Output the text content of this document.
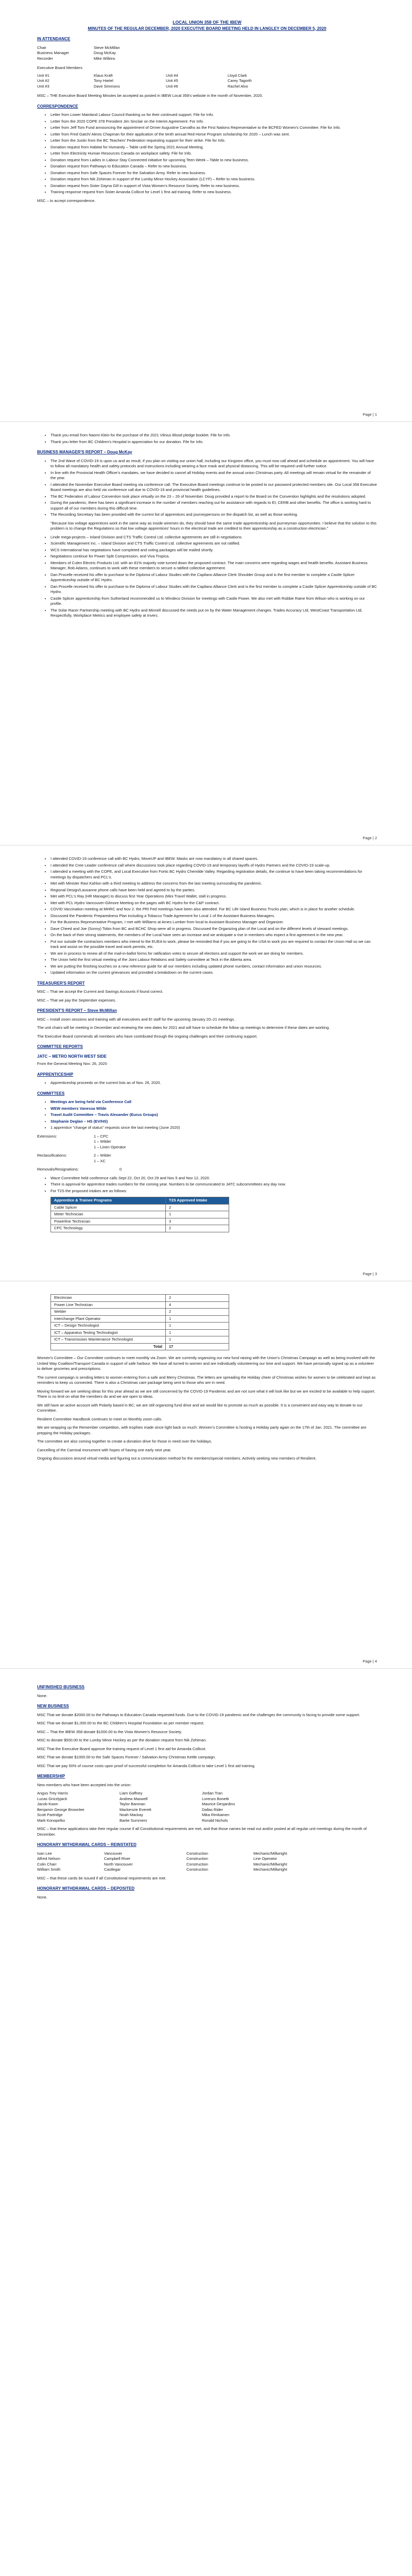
LOCAL UNION 358 OF THE IBEW
MINUTES OF THE REGULAR DECEMBER, 2020 EXECUTIVE BOARD MEETING HELD IN LANGLEY ON DECEMBER 5, 2020
IN ATTENDANCE
Chair	Steve McMillan
Business Manager	Doug McKay
Recorder	Mike Wilkins
Executive Board Members
Unit #1	Klaus Kraft	Unit #4	Lloyd Clark
Unit #2	Tony Hartel	Unit #5	Carey Tagorth
Unit #3	Dave Simmons	Unit #6	Rachel Alvo

MSC – THE Executive Board Meeting Minutes be accepted as posted in IBEW Local 358's website in the month of November, 2020.

CORRESPONDENCE
• Letter from Lower Mainland Labour Council thanking us for their continued support. File for Info.
• Letter from the 2020 COPE 378 President Jim Sinclair on the Interim Agreement. For Info.
• Letter from Jeff Tom Fund announcing the appointment of Ormer Augustine Carvalho as the First Nations Representative to the BCFED Women's Committee. File for Info.
• Letter from Fred Gatch/ Alexis Chapman for their application of the tenth annual Red Horse Program scholarship for 2020 – Lunch was sent.
• Letter from the Justin from the BC Teachers' Federation requesting support for their strike. File for Info.
• Donation request from Habitat for Humanity – Table until the Spring 2021 Annual Meeting.
• Letter from Electricity Human Resources Canada on workplace safety. File for Info.
• Donation request from Ladies in Labour Stay Connected initiative for upcoming Teen Week – Table to new business.
• Donation request from Pathways to Education Canada – Refer to new business.
• Donation request from Safe Spaces Forever for the Salvation Army. Refer to new business.
• Donation request from Nik Zohiman in support of the Lumby Minor Hockey Association (LCYF) – Refer to new business.
• Donation request from Sister Dayna Gill in support of Vista Women's Resource Society. Refer to new business.
• Training response request from Sister Amanda Collicot for Level 1 first aid training. Refer to new business.

MSC – to accept correspondence.

Page | 1
• Thank you email from Naomi Klein for the purchase of the 2021 Vilnius Blood pledge booklet. File for info.
• Thank you letter from BC Children's Hospital in appreciation for our donation. File for Info.
BUSINESS MANAGER'S REPORT – Doug McKay
• The 2nd Wave of COVID-19 is upon us and as result, if you plan on visiting our union hall, including our Kingston office, you must now call ahead and schedule an appointment. You will have to follow all mandatory health and safety protocols and instructions including wearing a face mask and physical distancing. This will be required until further notice.
• In line with the Provincial Health Officer's mandates, we have decided to cancel all Holiday events and the annual union Christmas party. All meetings will remain virtual for the remainder of the year.
• I attended the November Executive Board meeting via conference call. The Executive Board meetings continue to be posted to our password protected members site. Our Local 358 Executive Board meetings are also held via conference call due to COVID-19 and provincial health guidelines.
• The BC Federation of Labour Convention took place virtually on the 23 – 26 of November. Doug provided a report to the Board on the Convention highlights and the resolutions adopted.
• During the pandemic, there has been a significant increase in the number of members reaching out for assistance with regards to EI, CERB and other benefits. The office is working hard to support all of our members during this difficult time.
• The Recording Secretary has been provided with the current list of apprentices and journeypersons on the dispatch list, as well as those working.

"Because low voltage apprentices work in the same way as inside wiremen do, they should have the same trade apprenticeship and journeyman opportunities. I believe that the solution to this problem is to change the Regulations so that low voltage apprentices' hours in the electrical trade are credited to their apprenticeship as a construction electrician."

• Linde mega-projects – Inland Division and CTS Traffic Control Ltd. collective agreements are still in negotiations.
• Scientific Management Inc. – Island Division and CTS Traffic Control Ltd. collective agreements are not ratified.
• WCS International has negotiations have completed and voting packages will be mailed shortly.
• Negotiations continue for Power Split Compression, and Viva Tropica.
• Members of Culen Electric Products Ltd. with an 81% majority vote turned down the proposed contract. The main concerns were regarding wages and health benefits. Assistant Business Manager, Rob Adams, continues to work with these members to secure a ratified collective agreement.
• Dan Procelle received his offer to purchase to the Diploma of Labour Studies with the Capilano Alliance Clerk Shoulder Group and is the first member to complete a Castle Splicer Apprenticeship outside of BC Hydro.
• Dan Procelle received his offer to purchase to the Diploma of Labour Studies with the Capilano Alliance Clerk and is the first member to complete a Castle Splicer Apprenticeship outside of BC Hydro.
• Castle Splicer apprenticeship from Sutherland recommended us to Windeco Division for meetings with Castle Power. We also met with Robbie Raine from Wilson who is working on our profile.
• The Solar Racer Partnership meeting with BC Hydro and Minnell discussed the needs put on by the Water Management changes. Trades Accuracy Ltd, WestCoast Transportation Ltd, Respectfully, Workplace Metrics and employee safety at Inverc.
Page | 2
• I attended COVID-19 conference call with BC Hydro, MoveUP and IBEW. Masks are now mandatory in all shared spaces.
• I attended the Cree Leader conference call where discussions took place regarding COVID-19 and temporary layoffs of Hydro Partners and the COVID-19 scale-up.
• I attended a meeting with the COPE, and Local Executive from Fortis BC Hydro Chemilde Valley. Regarding registration details, the continue to have been taking recommendations for meetings by dispatchers and PCL's.
• Met with Minister Ravi Kahlon with a third meeting to address the concerns from the last meeting surrounding the pandemic.
• Regional Design/Lausanne phone calls have been held and agreed to by the parties.
• Met with PCL's Ray (HR Manager) to discuss first Year Operations (Mini Travel Wallet, stall in progress.
• Met with PCL Hydro Vancouver-Gilmore Meeting on the pages with BC Hydro for the C&P contract.
• COVID Vaccination meeting at MHRC and Nov 2. the PRI Fed meetings have been also attended. For BC Life Island Business Trucks plan, which is in place for another schedule.
• Discussed the Pandemic Preparedness Plan including a Tobacco Trade Agreement for Local 1 of the Assistant Business Managers.
• For the Business Representative Program, I met with Williams at Ames Lumber from local to Assistant Business Manager and Organizer.
• Dave Cheed and Joe (Sonny) Tobin from BC and BCHC Shop were all in progress. Discussed the Organizing plan of the Local and on the different levels of steward meetings.
• On the back of their strong statements, the members of the Local have seen an increase and we anticipate a rise in members who expect a first agreement in the new year.
• Put our outside the contractors members who intend to the EUEA to work, please be reminded that if you are going to the USA to work you are required to contact the Union Hall so we can track and assist on the possible travel and work permits, etc.
• We are in process to renew all of the mail-in-ballot forms for ratification votes to secure all elections and support the work we are doing for members.
• The Union held the first virtual meeting of the Joint Labour Relations and Safety committee at Teck in the Alberta area.
• We are putting the finishing touches on a new reference guide for all our members including updated phone numbers, contact information and union resources.
• Updated information on the current grievances and provided a breakdown on the current cases.
TREASURER'S REPORT

MSC – That we accept the Current and Savings Accounts if found correct.

MSC – That we pay the September expenses.

PRESIDENT'S REPORT – Steve McMillan

MSC – Install zoom sessions and training with all executives and EI staff for the upcoming January 20–21 meetings.

The unit chairs will be meeting in December and reviewing the new dates for 2021 and will have to schedule the follow up meetings to determine if these dates are working.

The Executive Board commends all members who have contributed through the ongoing challenges and their continuing support.

COMMITTEE REPORTS
JATC – METRO NORTH WEST SIDE

From the General Meeting Nov. 26, 2020

APPRENTICESHIP
• Apprenticeship proceeds on the current lists as of Nov. 26, 2020.
COMMITTEES
• Meetings are being held via Conference Call
• WEW members Vanessa Wilde
• Travel Audit Committee – Travis Alexander (Eurus Groups)
• Stephanie Deglan – HS (EV/HS)
• 1 apprentice "change of status" requests since the last meeting (June 2020)
Extensions:	1 – CPC
1 – Wilder
1 – Linen Operator
Reclassifications:	2 – Wilder
1 – XC
Removals/Resignations:	0
• Wace Committee held conference calls Sept 22, Oct 20, Oct 29 and Nov 5 and Nov 12, 2020.
• There is approval for apprentice trades numbers for the coming year. Numbers to be communicated to JATC subcommittees any day now.
• For T2S the proposed intakes are as follows:
Apprentice & Trainee Programs	T2S Approved Intake
Cable Splicer	2
Meter Technician	1
Powerline Technician	3
CPC Technology	2
Page | 3
Electrician	2
Power Line Technician	4
Welder	2
Interchange Plant Operator	1
ICT – Design Technologist	1
ICT – Apparatus Testing Technologist	1
ICT – Transmission Maintenance Technologist	1
Total	17

Women's Committee – Our Committee continues to meet monthly via Zoom. We are currently organizing our new fund raising with the Union's Christmas Campaign as well as being involved with the United Way Coalition/Transport Canada in support of safe harbour. We have all turned to women and are individually volunteering our time and support. We have personally signed up as a volunteer to deliver groceries and prescriptions.

The current campaign is sending letters to women entering from a safe and Merry Christmas. The letters are spreading the Holiday cheer of Christmas wishes for women to be celebrated and kept as reminders to keep us connected. There is also a Christmas care package being sent to those who are in need.

Moving forward we are seeking ideas for this year ahead as we are still concerned by the COVID-19 Pandemic and are not sure what it will look like but we are excited to be available to help support. There is no limit on what the members do and we are open to ideas.

We still have an active account with Polarity based in BC; we are still organizing fund drive and we would like to promote as much as possible. It is a convenient and easy way to donate to our Committee.

Resilient Committee Handbook continues to meet on Monthly zoom calls.

We are wrapping up the Remember competition, with trophies made since light back so much. Women's Committee is hosting a Holiday party again on the 17th of Jan. 2021. The committee are prepping the Holiday packages.

The committee are also coming together to create a donation drive for those in need over the holidays.

Cancelling of the Carnival monument with hopes of having one early next year.

Ongoing discussions around virtual media and figuring out a communication method for the members/special members. Actively seeking new members of Resilient.

Page | 4
UNFINISHED BUSINESS

None.

NEW BUSINESS

MSC That we donate $2000.00 to the Pathways to Education Canada requested funds. Due to the COVID-19 pandemic and the challenges the community is facing to provide some support.

MSC That we donate $1,000.00 to the BC Children's Hospital Foundation as per member request.

MSC – That the IBEW 358 donate $1000.00 to the Vista Women's Resource Society.

MSC to donate $500.00 to the Lumby Minor Hockey as per the donation request from Nik Zohiman.

MSC That the Executive Board approve the training request of Level 1 first aid for Amanda Collicot.

MSC That we donate $1000.00 to the Safe Spaces Forever / Salvation Army Christmas Kettle campaign.

MSC That we pay 50% of course costs upon proof of successful completion for Amanda Collicot to take Level 1 first aid training.

MEMBERSHIP

New members who have been accepted into the union:

Angus Trey Harris	Liam Gaffney	Jordan Tran
Lucas Grizzlyjack	Andrew Maxwell	Lorenzo Bonetti
Jacob Kwon	Taylor Banman	Maurice Desjardins
Benjamin George Brownlee	Mackenzie Everett	Dallas Rider
Scott Partridge	Noah Mackay	Mika Rimkainen
Mark Konopelko	Bartie Summers	Ronald Nichols

MSC – that these applications take their regular course if all Constitutional requirements are met, and that those names be read out and/or posted at all regular unit meetings during the month of December.

HONORARY WITHDRAWAL CARDS – REINSTATED
Ivan Lee	Vancouver	Construction	Mechanic/Millwright
Alfred Nelson	Campbell River	Construction	Line Operator
Colin Charr	North Vancouver	Construction	Mechanic/Millwright
William Smith	Castlegar	Construction	Mechanic/Millwright

MSC – that these cards be issued if all Constitutional requirements are met.

HONORARY WITHDRAWAL CARDS – DEPOSITED

None.
